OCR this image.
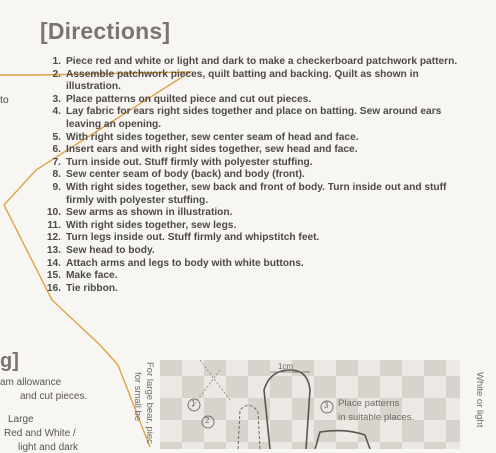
[Directions]
to
g]
am allowance
and cut pieces.
Large
Red and White /
light and dark
1. Piece red and white or light and dark to make a checkerboard patchwork pattern.
2. Assemble patchwork pieces, quilt batting and backing. Quilt as shown in illustration.
3. Place patterns on quilted piece and cut out pieces.
4. Lay fabric for ears right sides together and place on batting. Sew around ears leaving an opening.
5. With right sides together, sew center seam of head and face.
6. Insert ears and with right sides together, sew head and face.
7. Turn inside out. Stuff firmly with polyester stuffing.
8. Sew center seam of body (back) and body (front).
9. With right sides together, sew back and front of body. Turn inside out and stuff firmly with polyester stuffing.
10. Sew arms as shown in illustration.
11. With right sides together, sew legs.
12. Turn legs inside out. Stuff firmly and whipstitch feet.
13. Sew head to body.
14. Attach arms and legs to body with white buttons.
15. Make face.
16. Tie ribbon.
1
2
3
1cm
Place patterns
in suitable places.
For large bear, piec
for small be	White or light
